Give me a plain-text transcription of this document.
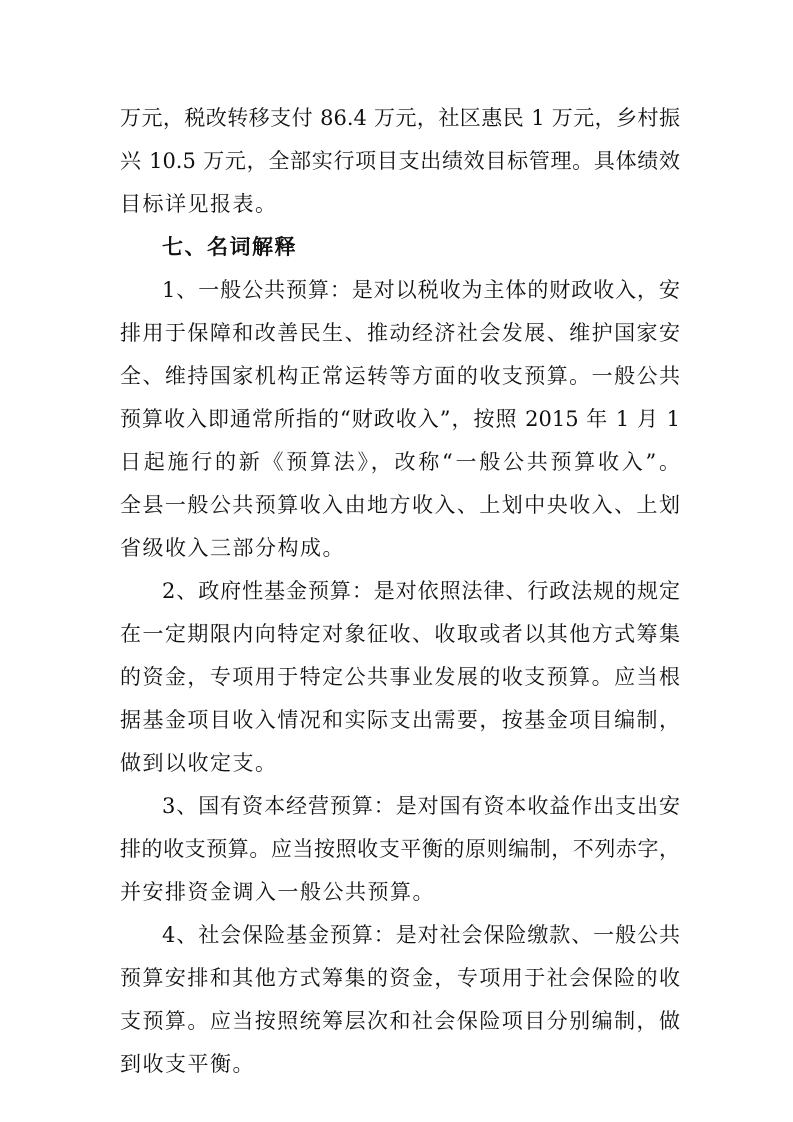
万元，税改转移支付 86.4 万元，社区惠民 1 万元，乡村振
兴 10.5 万元，全部实行项目支出绩效目标管理。具体绩效
目标详见报表。
七、名词解释
1、一般公共预算：是对以税收为主体的财政收入，安
排用于保障和改善民生、推动经济社会发展、维护国家安
全、维持国家机构正常运转等方面的收支预算。一般公共
预算收入即通常所指的“财政收入”，按照 2015 年 1 月 1
日起施行的新《预算法》，改称“一般公共预算收入”。
全县一般公共预算收入由地方收入、上划中央收入、上划
省级收入三部分构成。
2、政府性基金预算：是对依照法律、行政法规的规定
在一定期限内向特定对象征收、收取或者以其他方式筹集
的资金，专项用于特定公共事业发展的收支预算。应当根
据基金项目收入情况和实际支出需要，按基金项目编制，
做到以收定支。
3、国有资本经营预算：是对国有资本收益作出支出安
排的收支预算。应当按照收支平衡的原则编制，不列赤字，
并安排资金调入一般公共预算。
4、社会保险基金预算：是对社会保险缴款、一般公共
预算安排和其他方式筹集的资金，专项用于社会保险的收
支预算。应当按照统筹层次和社会保险项目分别编制，做
到收支平衡。
